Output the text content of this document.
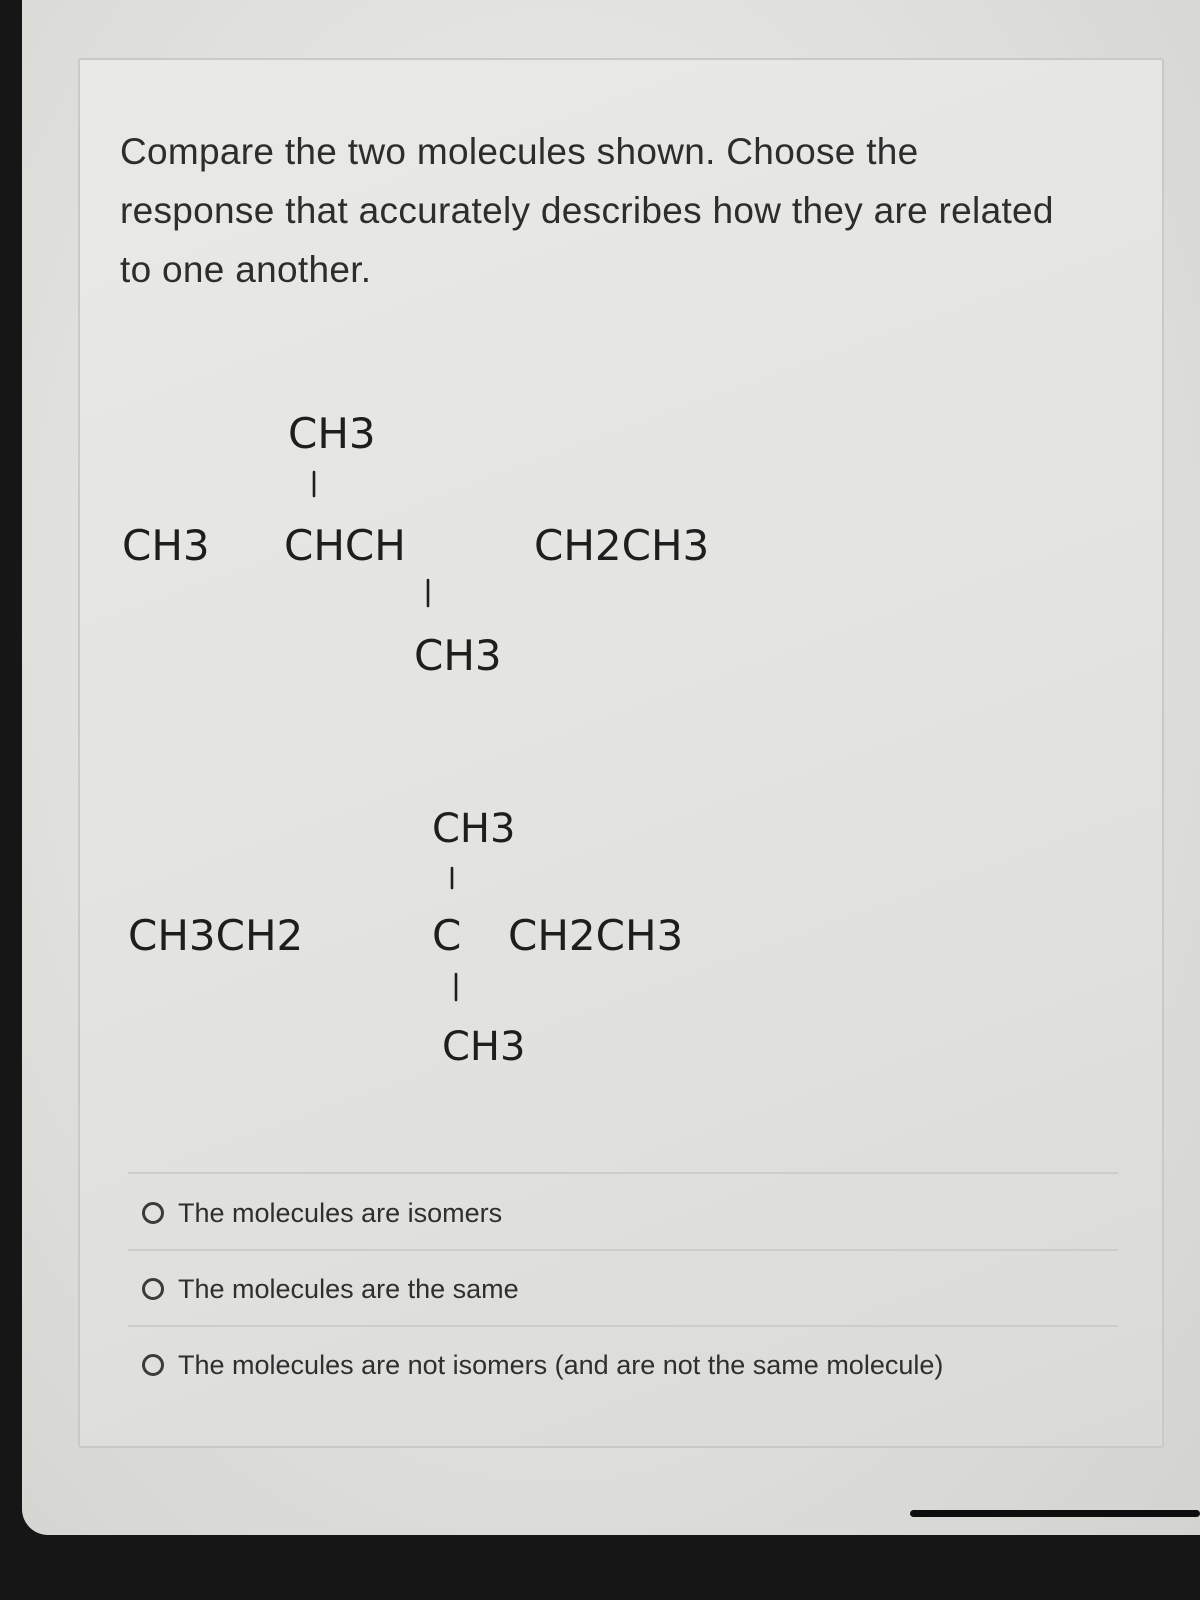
Compare the two molecules shown. Choose the response that accurately describes how they are related to one another.

CH3
CH3 CHCH	CH2CH3
CH3
CH3
CH3CH2	C CH2CH3
CH3
The molecules are isomers
The molecules are the same
The molecules are not isomers (and are not the same molecule)
